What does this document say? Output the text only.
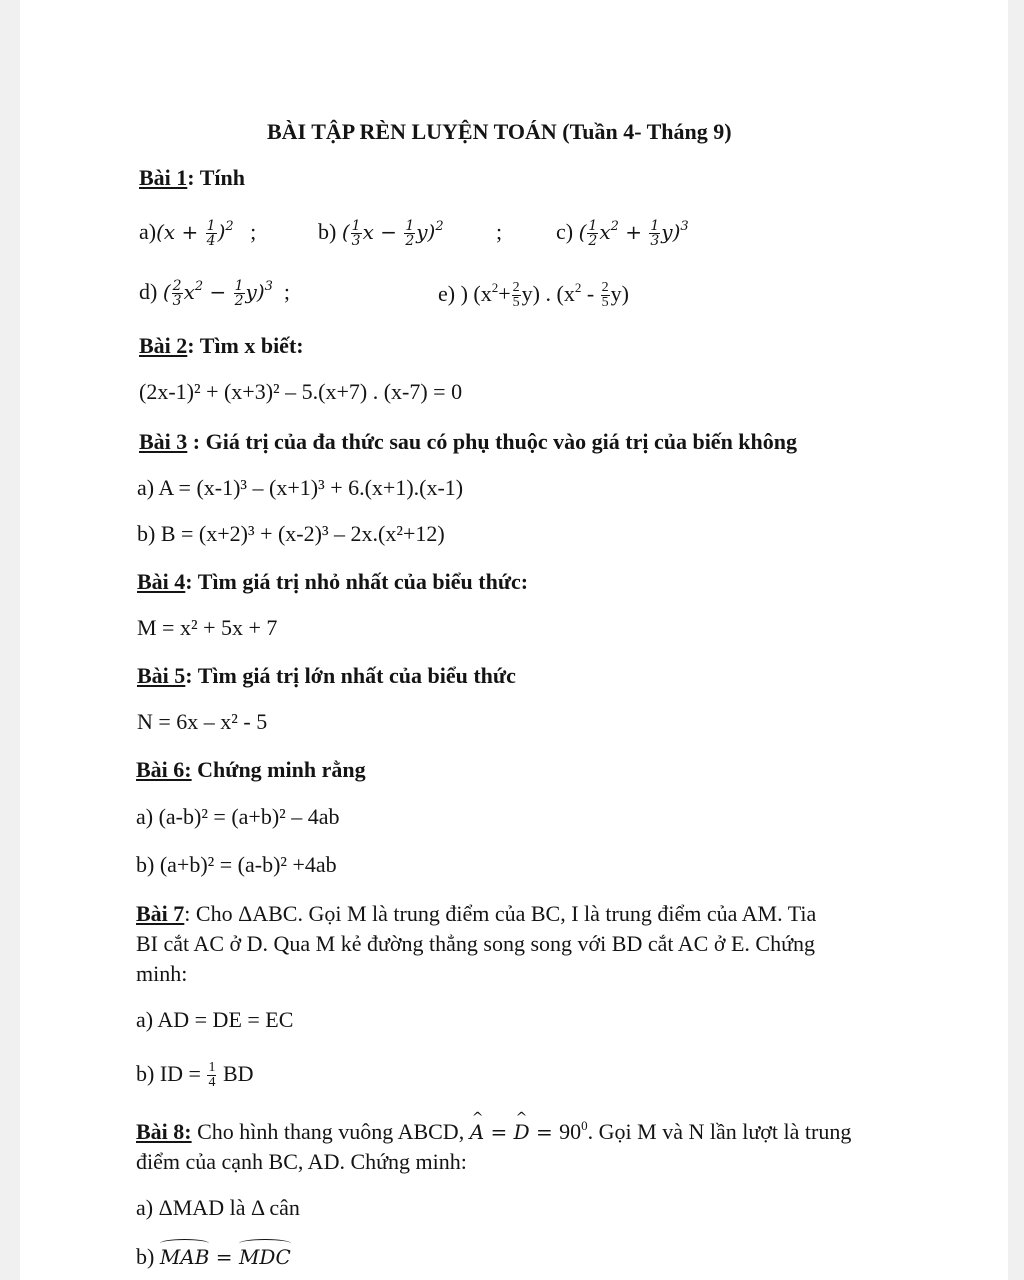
BÀI TẬP RÈN LUYỆN TOÁN (Tuần 4- Tháng 9)
Bài 1: Tính
$a)(x + \frac{1}{4} )^2$ ;	b) ( $\frac{1}{3}$ $x - \frac{1}{2} y)^2$ ; c) ( $\frac{1}{2} x^2 + \frac{1}{3} y)^3$
d) ( $\frac{2}{3} x^2 - \frac{1}{2} y)^3$ ;	e) ) $(x^2+ \frac{2}{5} y)$ . $(x^2 - \frac{2}{5} y)$
Bài 2: Tìm x biết:
(2x-1)² + (x+3)² – 5.(x+7) . (x-7) = 0
Bài 3 : Giá trị của đa thức sau có phụ thuộc vào giá trị của biến không
a) A = (x-1)³ – (x+1)³ + 6.(x+1).(x-1)
b) B = (x+2)³ + (x-2)³ – 2x.(x²+12)
Bài 4: Tìm giá trị nhỏ nhất của biểu thức:
M = x² + 5x + 7
Bài 5: Tìm giá trị lớn nhất của biểu thức
N = 6x – x² - 5
Bài 6: Chứng minh rằng
a) (a-b)² = (a+b)² – 4ab
b) (a+b)² = (a-b)² +4ab
Bài 7: Cho ΔABC. Gọi M là trung điểm của BC, I là trung điểm của AM. Tia
BI cắt AC ở D. Qua M kẻ đường thẳng song song với BD cắt AC ở E. Chứng
minh:
a) AD = DE = EC
b) ID = $\frac{1}{4}$ BD
Bài 8: Cho hình thang vuông ABCD, ^ A = ^ $D = 90^0$. Gọi M và N lần lượt là trung
điểm của cạnh BC, AD. Chứng minh:
a) ΔMAD là Δ cân
b) MAB = MDC
